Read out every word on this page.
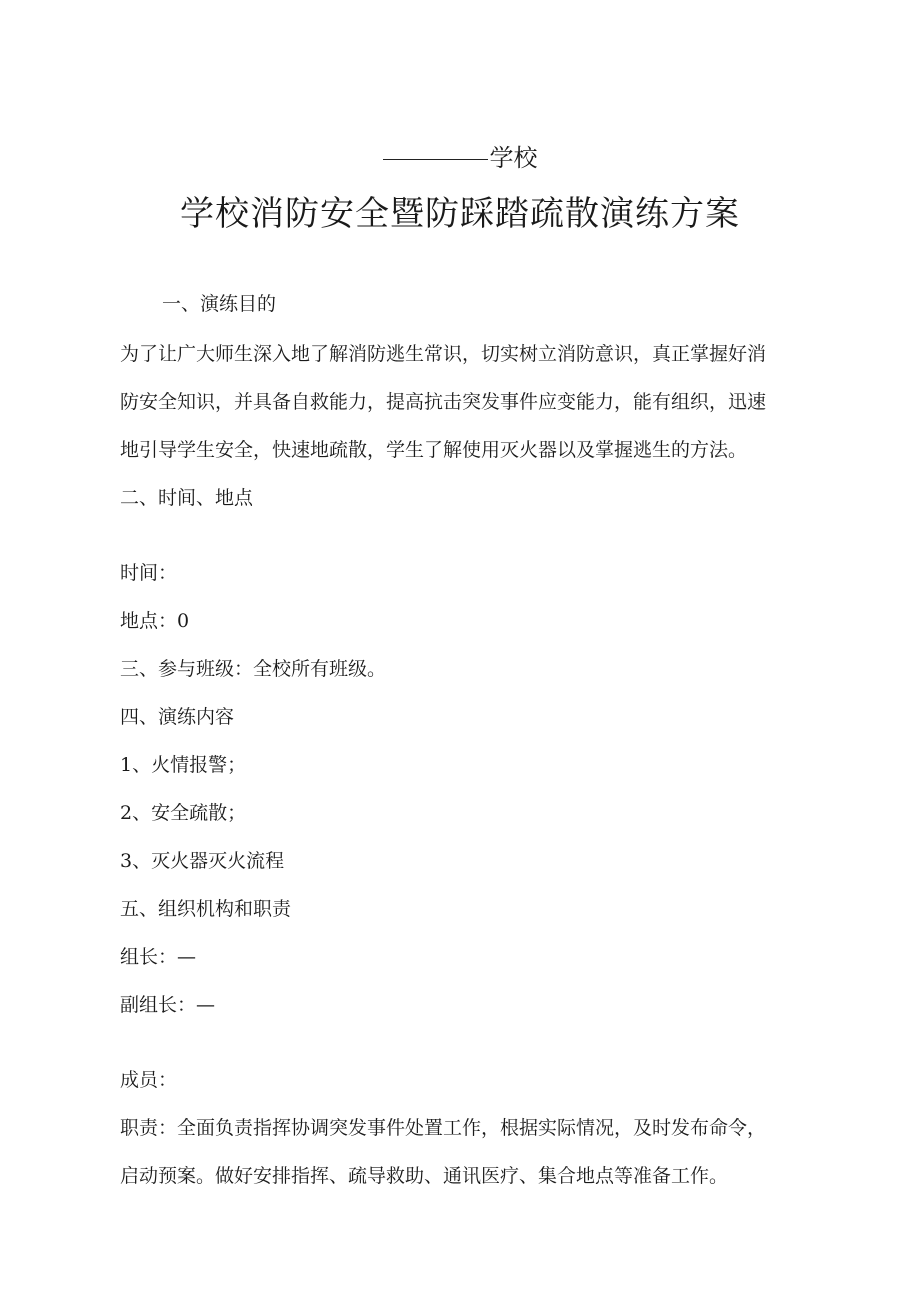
学校
学校消防安全暨防踩踏疏散演练方案
一、演练目的
为了让广大师生深入地了解消防逃生常识，切实树立消防意识，真正掌握好消
防安全知识，并具备自救能力，提高抗击突发事件应变能力，能有组织，迅速
地引导学生安全，快速地疏散，学生了解使用灭火器以及掌握逃生的方法。
二、时间、地点
时间：
地点：0
三、参与班级：全校所有班级。
四、演练内容
1、火情报警；
2、安全疏散；
3、灭火器灭火流程
五、组织机构和职责
组长：—
副组长：—
成员：
职责：全面负责指挥协调突发事件处置工作，根据实际情况，及时发布命令，
启动预案。做好安排指挥、疏导救助、通讯医疗、集合地点等准备工作。
